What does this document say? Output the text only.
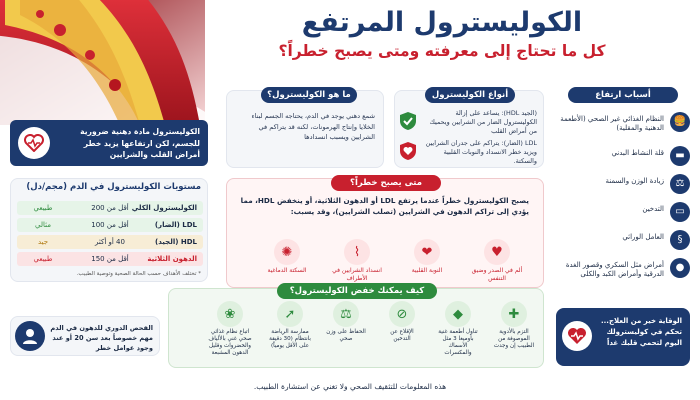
الكوليسترول المرتفع
كل ما تحتاج إلى معرفته ومتى يصبح خطراً؟
الكوليسترول مادة دهنية ضرورية للجسم، لكن ارتفاعها يزيد خطر أمراض القلب والشرايين
مستويات الكوليسترول في الدم (مجم/دل)
الكوليسترول الكلي
أقل من 200
طبيعي
LDL (الضار)
أقل من 100
مثالي
HDL (الجيد)
40 أو أكثر
جيد
الدهون الثلاثية
أقل من 150
طبيعي
* تختلف الأهداف حسب الحالة الصحية وتوصية الطبيب.
ما هو الكوليسترول؟
شمع دهني يوجد في الدم، يحتاجه الجسم لبناء الخلايا وإنتاج الهرمونات، لكنه قد يتراكم في الشرايين ويسبب انسدادها
أنواع الكوليسترول
(الجيد HDL): يساعد على إزالة الكوليسترول الضار من الشرايين ويحميك من أمراض القلب
LDL (الضار): يتراكم على جدران الشرايين ويزيد خطر الانسداد والنوبات القلبية والسكتة.
أسباب ارتفاع الكوليسترول
🍔
النظام الغذائي غير الصحي (الأطعمة الدهنية والمقلية)
▬
قلة النشاط البدني
⚖
زيادة الوزن والسمنة
▭
التدخين
§
العامل الوراثي
●
أمراض مثل السكري وقصور الغدة الدرقية وأمراض الكبد والكلى
متى يصبح خطراً؟
يصبح الكوليسترول خطراً عندما يرتفع LDL أو الدهون الثلاثية، أو ينخفض HDL، مما يؤدي إلى تراكم الدهون في الشرايين (تصلب الشرايين)، وقد يسبب:
♥
ألم في الصدر وضيق التنفس
❤
النوبة القلبية
⌇
انسداد الشرايين في الأطراف
✺
السكتة الدماغية
كيف يمكنك خفض الكوليسترول؟
✚
التزم بالأدوية الموصوفة من الطبيب إن وجدت
◆
تناول أطعمة غنية بأوميغا 3 مثل الأسماك والمكسرات
⊘
الإقلاع عن التدخين
⚖
الحفاظ على وزن صحي
➚
ممارسة الرياضة بانتظام (30 دقيقة على الأقل يومياً)
❀
اتباع نظام غذائي صحي غني بالألياف والخضروات وقليل الدهون المشبعة
الفحص الدوري للدهون في الدم مهم خصوصاً بعد سن 20 أو عند وجود عوامل خطر
الوقاية خير من العلاج... تحكم في كوليسترولك اليوم لتحمي قلبك غداً
هذه المعلومات للتثقيف الصحي ولا تغني عن استشارة الطبيب.
